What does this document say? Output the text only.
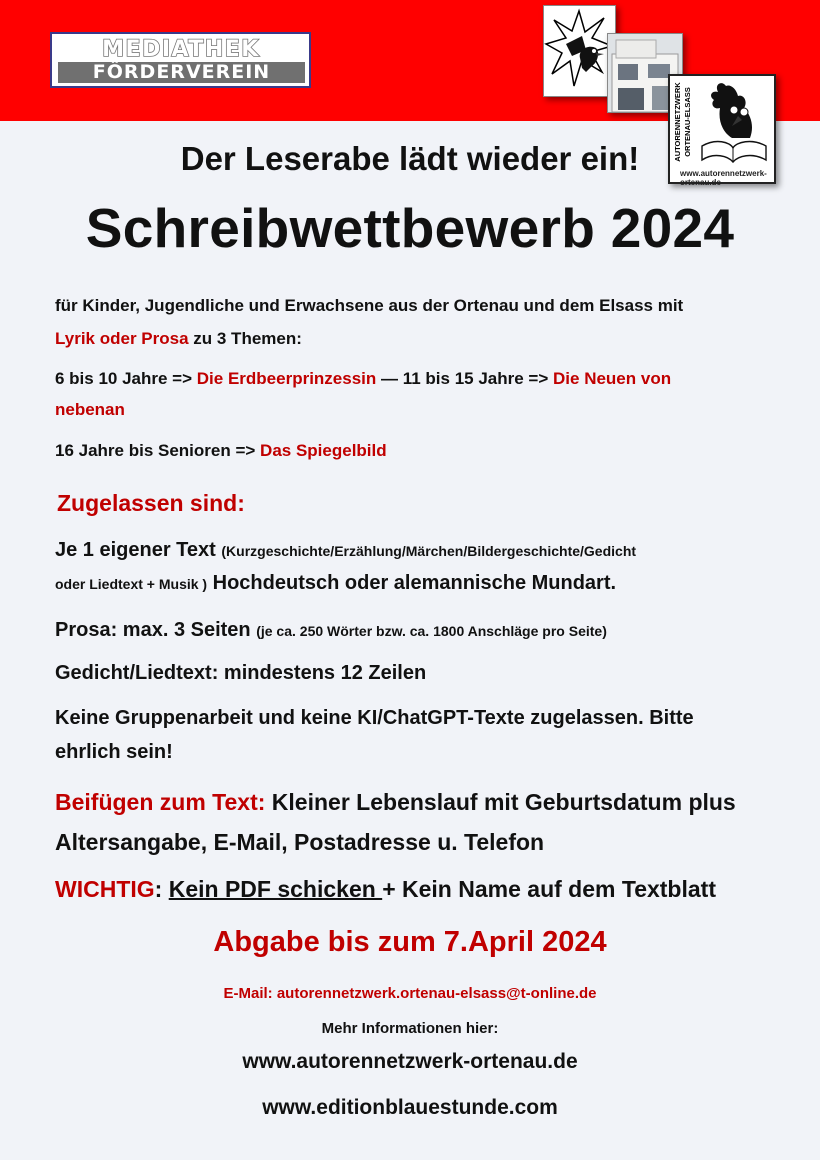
MEDIATHEK
FÖRDERVEREIN
AUTORENNETZWERK ORTENAU-ELSASS
www.autorennetzwerk-ortenau.de
Der Leserabe lädt wieder ein!
Schreibwettbewerb 2024
für Kinder, Jugendliche und Erwachsene aus der Ortenau und dem Elsass mit
Lyrik oder Prosa zu 3 Themen:
6 bis 10 Jahre => Die Erdbeerprinzessin — 11 bis 15 Jahre => Die Neuen von
nebenan
16 Jahre bis Senioren => Das Spiegelbild
Zugelassen sind:
Je 1 eigener Text (Kurzgeschichte/Erzählung/Märchen/Bildergeschichte/Gedicht
oder Liedtext + Musik ) Hochdeutsch oder alemannische Mundart.
Prosa: max. 3 Seiten (je ca. 250 Wörter bzw. ca. 1800 Anschläge pro Seite)
Gedicht/Liedtext: mindestens 12 Zeilen
Keine Gruppenarbeit und keine KI/ChatGPT-Texte zugelassen. Bitte
ehrlich sein!
Beifügen zum Text: Kleiner Lebenslauf mit Geburtsdatum plus
Altersangabe, E-Mail, Postadresse u. Telefon
WICHTIG: Kein PDF schicken + Kein Name auf dem Textblatt
Abgabe bis zum 7.April 2024
E-Mail: autorennetzwerk.ortenau-elsass@t-online.de
Mehr Informationen hier:
www.autorennetzwerk-ortenau.de
www.editionblauestunde.com
